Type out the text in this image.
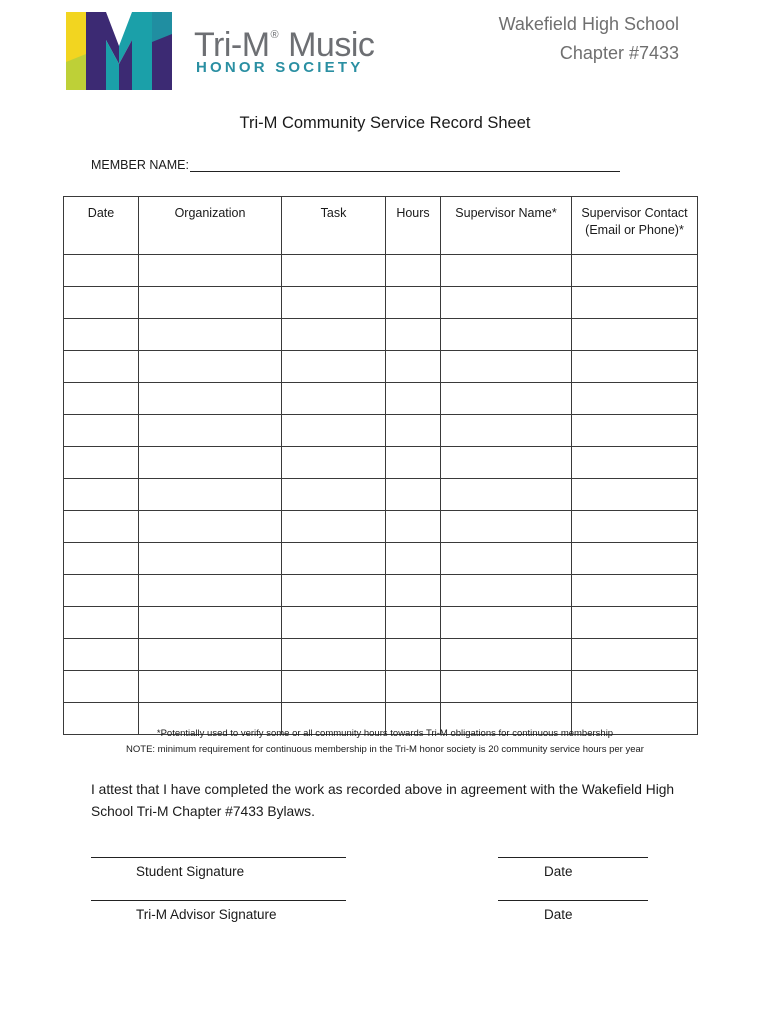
Tri-M® Music
HONOR SOCIETY
Wakefield High School
Chapter #7433
Tri-M Community Service Record Sheet
MEMBER NAME:
Date	Organization	Task	Hours	Supervisor Name*	Supervisor Contact (Email or Phone)*

*Potentially used to verify some or all community hours towards Tri-M obligations for continuous membership
NOTE: minimum requirement for continuous membership in the Tri-M honor society is 20 community service hours per year
I attest that I have completed the work as recorded above in agreement with the Wakefield High School Tri-M Chapter #7433 Bylaws.
Student Signature	Date
Tri-M Advisor Signature	Date
